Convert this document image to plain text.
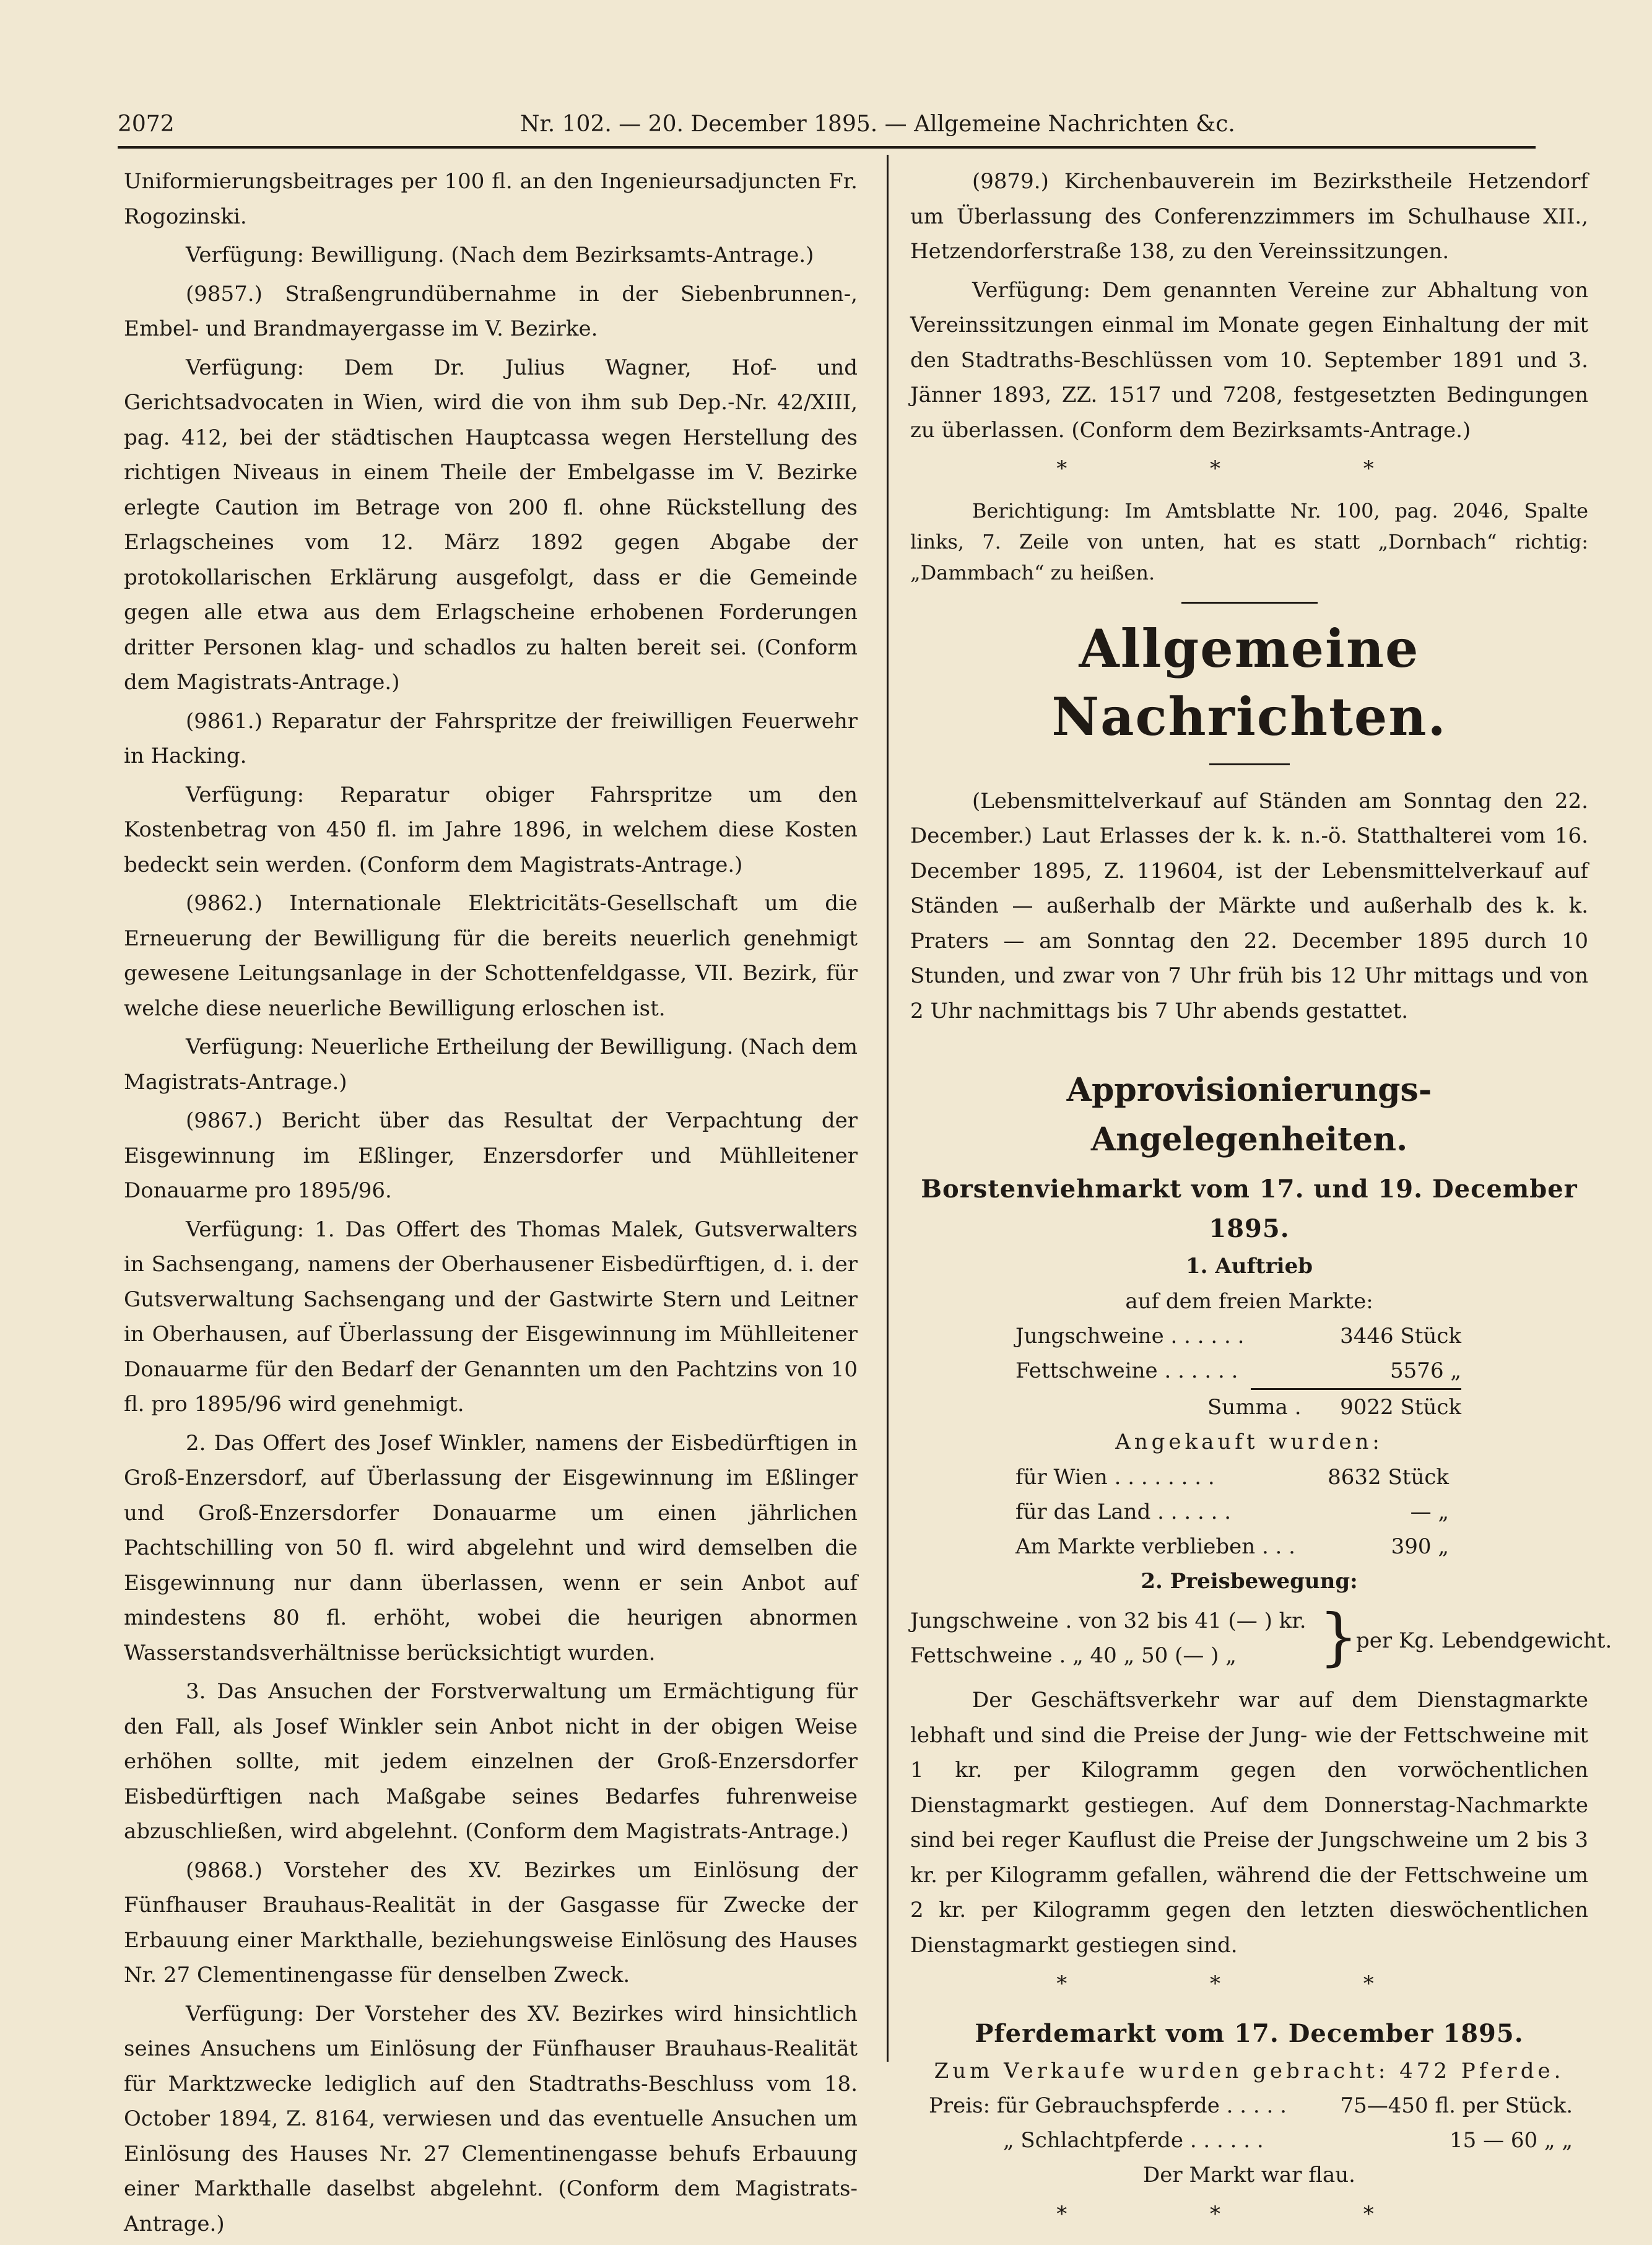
2072	Nr. 102. — 20. December 1895. — Allgemeine Nachrichten &c.

Uniformierungsbeitrages per 100 fl. an den Ingenieursadjuncten Fr. Rogozinski.

Verfügung: Bewilligung. (Nach dem Bezirksamts-Antrage.)

(9857.) Straßengrundübernahme in der Siebenbrunnen-, Embel- und Brandmayergasse im V. Bezirke.

Verfügung: Dem Dr. Julius Wagner, Hof- und Gerichtsadvocaten in Wien, wird die von ihm sub Dep.-Nr. 42/XIII, pag. 412, bei der städtischen Hauptcassa wegen Herstellung des richtigen Niveaus in einem Theile der Embelgasse im V. Bezirke erlegte Caution im Betrage von 200 fl. ohne Rückstellung des Erlagscheines vom 12. März 1892 gegen Abgabe der protokollarischen Erklärung ausgefolgt, dass er die Gemeinde gegen alle etwa aus dem Erlagscheine erhobenen Forderungen dritter Personen klag- und schadlos zu halten bereit sei. (Conform dem Magistrats-Antrage.)

(9861.) Reparatur der Fahrspritze der freiwilligen Feuerwehr in Hacking.

Verfügung: Reparatur obiger Fahrspritze um den Kostenbetrag von 450 fl. im Jahre 1896, in welchem diese Kosten bedeckt sein werden. (Conform dem Magistrats-Antrage.)

(9862.) Internationale Elektricitäts-Gesellschaft um die Erneuerung der Bewilligung für die bereits neuerlich genehmigt gewesene Leitungsanlage in der Schottenfeldgasse, VII. Bezirk, für welche diese neuerliche Bewilligung erloschen ist.

Verfügung: Neuerliche Ertheilung der Bewilligung. (Nach dem Magistrats-Antrage.)

(9867.) Bericht über das Resultat der Verpachtung der Eisgewinnung im Eßlinger, Enzersdorfer und Mühlleitener Donauarme pro 1895/96.

Verfügung: 1. Das Offert des Thomas Malek, Gutsverwalters in Sachsengang, namens der Oberhausener Eisbedürftigen, d. i. der Gutsverwaltung Sachsengang und der Gastwirte Stern und Leitner in Oberhausen, auf Überlassung der Eisgewinnung im Mühlleitener Donauarme für den Bedarf der Genannten um den Pachtzins von 10 fl. pro 1895/96 wird genehmigt.

2. Das Offert des Josef Winkler, namens der Eisbedürftigen in Groß-Enzersdorf, auf Überlassung der Eisgewinnung im Eßlinger und Groß-Enzersdorfer Donauarme um einen jährlichen Pachtschilling von 50 fl. wird abgelehnt und wird demselben die Eisgewinnung nur dann überlassen, wenn er sein Anbot auf mindestens 80 fl. erhöht, wobei die heurigen abnormen Wasserstandsverhältnisse berücksichtigt wurden.

3. Das Ansuchen der Forstverwaltung um Ermächtigung für den Fall, als Josef Winkler sein Anbot nicht in der obigen Weise erhöhen sollte, mit jedem einzelnen der Groß-Enzersdorfer Eisbedürftigen nach Maßgabe seines Bedarfes fuhrenweise abzuschließen, wird abgelehnt. (Conform dem Magistrats-Antrage.)

(9868.) Vorsteher des XV. Bezirkes um Einlösung der Fünfhauser Brauhaus-Realität in der Gasgasse für Zwecke der Erbauung einer Markthalle, beziehungsweise Einlösung des Hauses Nr. 27 Clementinengasse für denselben Zweck.

Verfügung: Der Vorsteher des XV. Bezirkes wird hinsichtlich seines Ansuchens um Einlösung der Fünfhauser Brauhaus-Realität für Marktzwecke lediglich auf den Stadtraths-Beschluss vom 18. October 1894, Z. 8164, verwiesen und das eventuelle Ansuchen um Einlösung des Hauses Nr. 27 Clementinengasse behufs Erbauung einer Markthalle daselbst abgelehnt. (Conform dem Magistrats-Antrage.)

(9879.) Kirchenbauverein im Bezirkstheile Hetzendorf um Überlassung des Conferenzzimmers im Schulhause XII., Hetzendorferstraße 138, zu den Vereinssitzungen.

Verfügung: Dem genannten Vereine zur Abhaltung von Vereinssitzungen einmal im Monate gegen Einhaltung der mit den Stadtraths-Beschlüssen vom 10. September 1891 und 3. Jänner 1893, ZZ. 1517 und 7208, festgesetzten Bedingungen zu überlassen. (Conform dem Bezirksamts-Antrage.)

* * *

Berichtigung: Im Amtsblatte Nr. 100, pag. 2046, Spalte links, 7. Zeile von unten, hat es statt „Dornbach“ richtig: „Dammbach“ zu heißen.

Allgemeine Nachrichten.

(Lebensmittelverkauf auf Ständen am Sonntag den 22. December.) Laut Erlasses der k. k. n.-ö. Statthalterei vom 16. December 1895, Z. 119604, ist der Lebensmittelverkauf auf Ständen — außerhalb der Märkte und außerhalb des k. k. Praters — am Sonntag den 22. December 1895 durch 10 Stunden, und zwar von 7 Uhr früh bis 12 Uhr mittags und von 2 Uhr nachmittags bis 7 Uhr abends gestattet.

Approvisionierungs-Angelegenheiten.
Borstenviehmarkt vom 17. und 19. December 1895.

1. Auftrieb

auf dem freien Markte:

Jungschweine . . . . . .	3446 Stück
Fettschweine . . . . . .	5576 „
Summa . 9022 Stück

Angekauft wurden:

für Wien . . . . . . . .	8632 Stück
für das Land . . . . . .	— „
Am Markte verblieben . . .	390 „

2. Preisbewegung:

Jungschweine . von 32 bis 41 (— ) kr.
Fettschweine . „ 40 „ 50 (— ) „	}
per Kg. Lebendgewicht.

Der Geschäftsverkehr war auf dem Dienstagmarkte lebhaft und sind die Preise der Jung- wie der Fettschweine mit 1 kr. per Kilogramm gegen den vorwöchentlichen Dienstagmarkt gestiegen. Auf dem Donnerstag-Nachmarkte sind bei reger Kauflust die Preise der Jungschweine um 2 bis 3 kr. per Kilogramm gefallen, während die der Fettschweine um 2 kr. per Kilogramm gegen den letzten dieswöchentlichen Dienstagmarkt gestiegen sind.

* * *
Pferdemarkt vom 17. December 1895.

Zum Verkaufe wurden gebracht: 472 Pferde.

Preis: für Gebrauchspferde . . . . .	75—450 fl. per Stück.
„ Schlachtpferde . . . . . .	15 — 60 „ „

Der Markt war flau.

* * *
